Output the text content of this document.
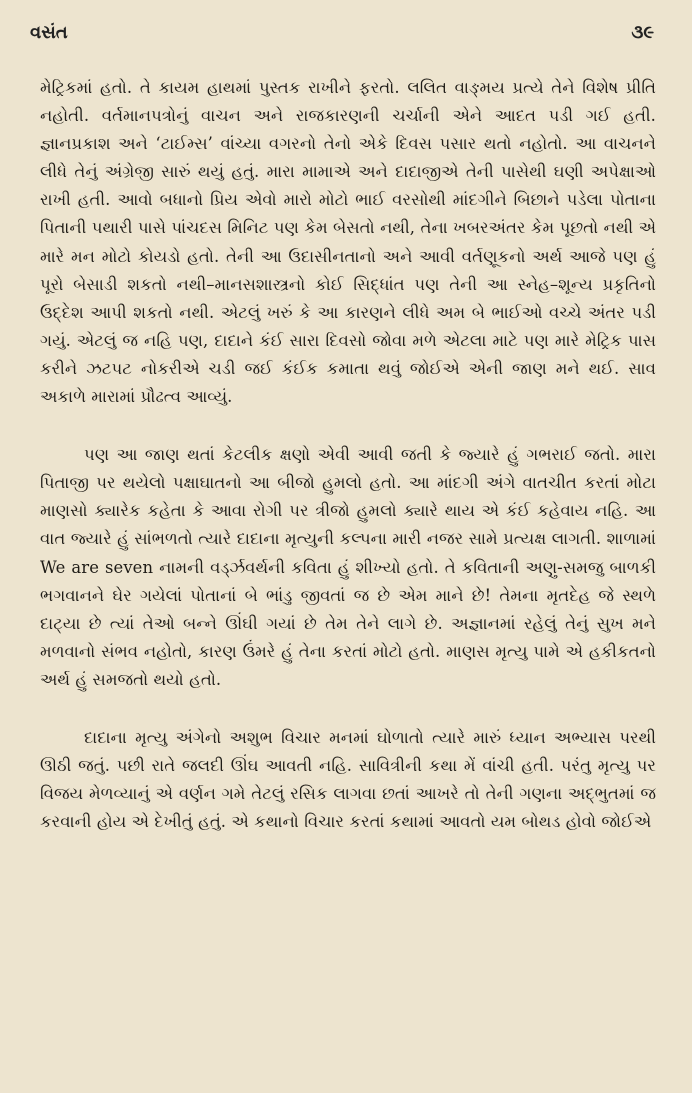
વસંત	૩૯

મેટ્રિકમાં હતો. તે કાયમ હાથમાં પુસ્તક રાખીને ફરતો. લલિત વાઙ્મય પ્રત્યે તેને વિશેષ પ્રીતિ નહોતી. વર્તમાનપત્રોનું વાચન અને રાજકારણની ચર્ચાની એને આદત પડી ગઈ હતી. જ્ઞાનપ્રકાશ અને ‘ટાઈમ્સ’ વાંચ્યા વગરનો તેનો એકે દિવસ પસાર થતો નહોતો. આ વાચનને લીધે તેનું અંગ્રેજી સારું થયું હતું. મારા મામાએ અને દાદાજીએ તેની પાસેથી ઘણી અપેક્ષાઓ રાખી હતી. આવો બધાનો પ્રિય એવો મારો મોટો ભાઈ વરસોથી માંદગીને બિછાને પડેલા પોતાના પિતાની પથારી પાસે પાંચદસ મિનિટ પણ કેમ બેસતો નથી, તેના ખબરઅંતર કેમ પૂછતો નથી એ મારે મન મોટો કોયડો હતો. તેની આ ઉદાસીનતાનો અને આવી વર્તણૂકનો અર્થ આજે પણ હું પૂરો બેસાડી શકતો નથી–માનસશાસ્ત્રનો કોઈ સિદ્ધાંત પણ તેની આ સ્નેહ–શૂન્ય પ્રકૃતિનો ઉદ્દેશ આપી શકતો નથી. એટલું ખરું કે આ કારણને લીધે અમ બે ભાઈઓ વચ્ચે અંતર પડી ગયું. એટલું જ નહિ પણ, દાદાને કંઈ સારા દિવસો જોવા મળે એટલા માટે પણ મારે મેટ્રિક પાસ કરીને ઝટપટ નોકરીએ ચડી જઈ કંઈક કમાતા થવું જોઈએ એની જાણ મને થઈ. સાવ અકાળે મારામાં પ્રૌઢત્વ આવ્યું.

પણ આ જાણ થતાં કેટલીક ક્ષણો એવી આવી જતી કે જ્યારે હું ગભરાઈ જતો. મારા પિતાજી પર થયેલો પક્ષાઘાતનો આ બીજો હુમલો હતો. આ માંદગી અંગે વાતચીત કરતાં મોટા માણસો ક્યારેક કહેતા કે આવા રોગી પર ત્રીજો હુમલો ક્યારે થાય એ કંઈ કહેવાય નહિ. આ વાત જ્યારે હું સાંભળતો ત્યારે દાદાના મૃત્યુની કલ્પના મારી નજર સામે પ્રત્યક્ષ લાગતી. શાળામાં We are seven નામની વર્ડ્ઝવર્થની કવિતા હું શીખ્યો હતો. તે કવિતાની અણુ-સમજુ બાળકી ભગવાનને ઘેર ગયેલાં પોતાનાં બે ભાંડુ જીવતાં જ છે એમ માને છે! તેમના મૃતદેહ જે સ્થળે દાટ્યા છે ત્યાં તેઓ બન્ને ઊંઘી ગયાં છે તેમ તેને લાગે છે. અજ્ઞાનમાં રહેલું તેનું સુખ મને મળવાનો સંભવ નહોતો, કારણ ઉંમરે હું તેના કરતાં મોટો હતો. માણસ મૃત્યુ પામે એ હકીકતનો અર્થ હું સમજતો થયો હતો.

દાદાના મૃત્યુ અંગેનો અશુભ વિચાર મનમાં ઘોળાતો ત્યારે મારું ધ્યાન અભ્યાસ પરથી ઊઠી જતું. પછી રાતે જલદી ઊંઘ આવતી નહિ. સાવિત્રીની કથા મેં વાંચી હતી. પરંતુ મૃત્યુ પર વિજય મેળવ્યાનું એ વર્ણન ગમે તેટલું રસિક લાગવા છતાં આખરે તો તેની ગણના અદ્ભુતમાં જ કરવાની હોય એ દેખીતું હતું. એ કથાનો વિચાર કરતાં કથામાં આવતો યમ બોથડ હોવો જોઈએ
